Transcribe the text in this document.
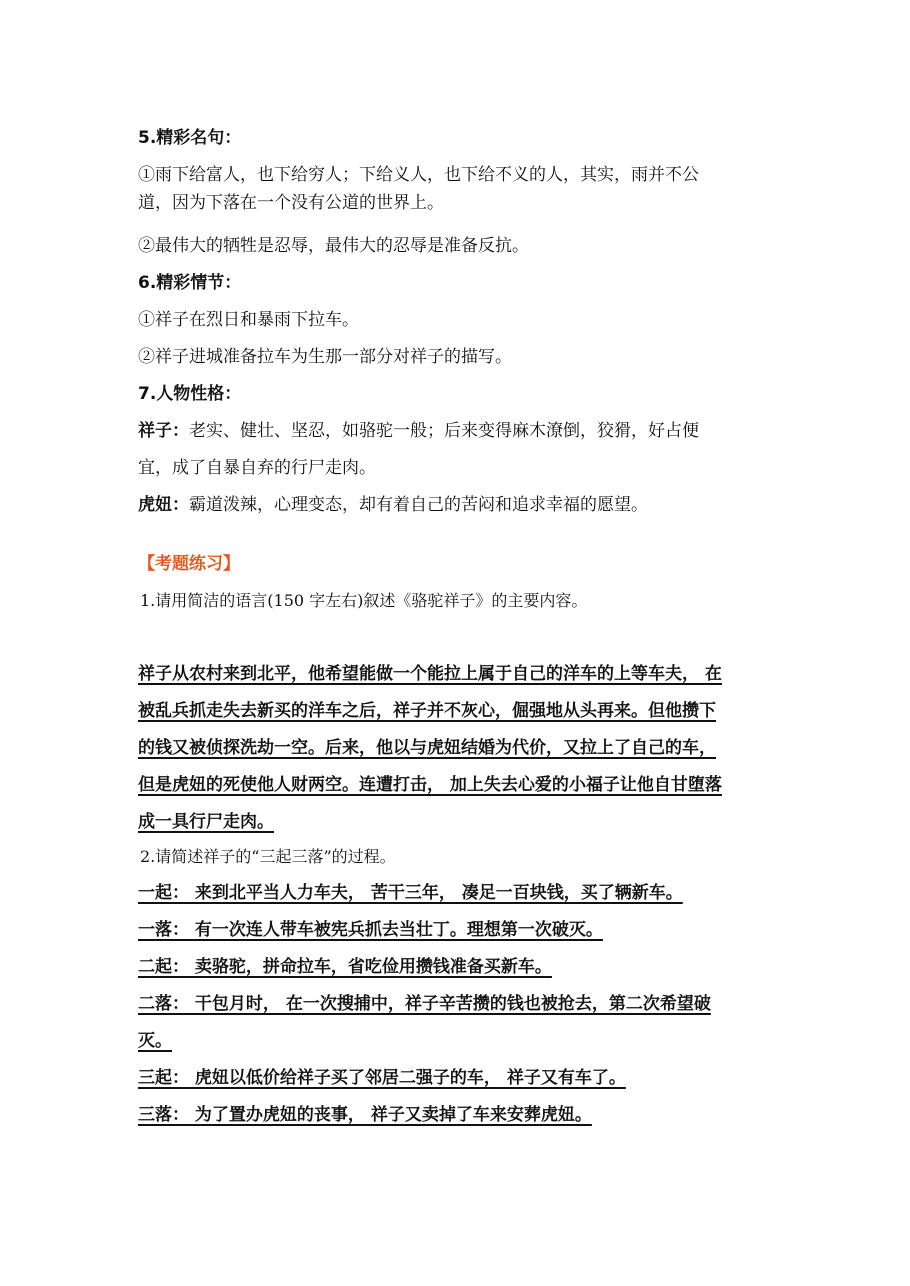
5.精彩名句：
①雨下给富人，也下给穷人；下给义人，也下给不义的人，其实，雨并不公
道，因为下落在一个没有公道的世界上。
②最伟大的牺牲是忍辱，最伟大的忍辱是准备反抗。
6.精彩情节：
①祥子在烈日和暴雨下拉车。
②祥子进城准备拉车为生那一部分对祥子的描写。
7.人物性格：
祥子：老实、健壮、坚忍，如骆驼一般；后来变得麻木潦倒，狡猾，好占便
宜，成了自暴自弃的行尸走肉。
虎妞：霸道泼辣，心理变态，却有着自己的苦闷和追求幸福的愿望。
【考题练习】
1.请用简洁的语言(150 字左右)叙述《骆驼祥子》的主要内容。
祥子从农村来到北平，他希望能做一个能拉上属于自己的洋车的上等车夫， 在
被乱兵抓走失去新买的洋车之后，祥子并不灰心，倔强地从头再来。但他攒下
的钱又被侦探洗劫一空。后来，他以与虎妞结婚为代价，又拉上了自己的车，
但是虎妞的死使他人财两空。连遭打击， 加上失去心爱的小福子让他自甘堕落
成一具行尸走肉。
2.请简述祥子的“三起三落”的过程。
一起： 来到北平当人力车夫， 苦干三年， 凑足一百块钱，买了辆新车。
一落： 有一次连人带车被宪兵抓去当壮丁。理想第一次破灭。
二起： 卖骆驼，拼命拉车，省吃俭用攒钱准备买新车。
二落： 干包月时， 在一次搜捕中，祥子辛苦攒的钱也被抢去，第二次希望破
灭。
三起： 虎妞以低价给祥子买了邻居二强子的车， 祥子又有车了。
三落： 为了置办虎妞的丧事， 祥子又卖掉了车来安葬虎妞。
